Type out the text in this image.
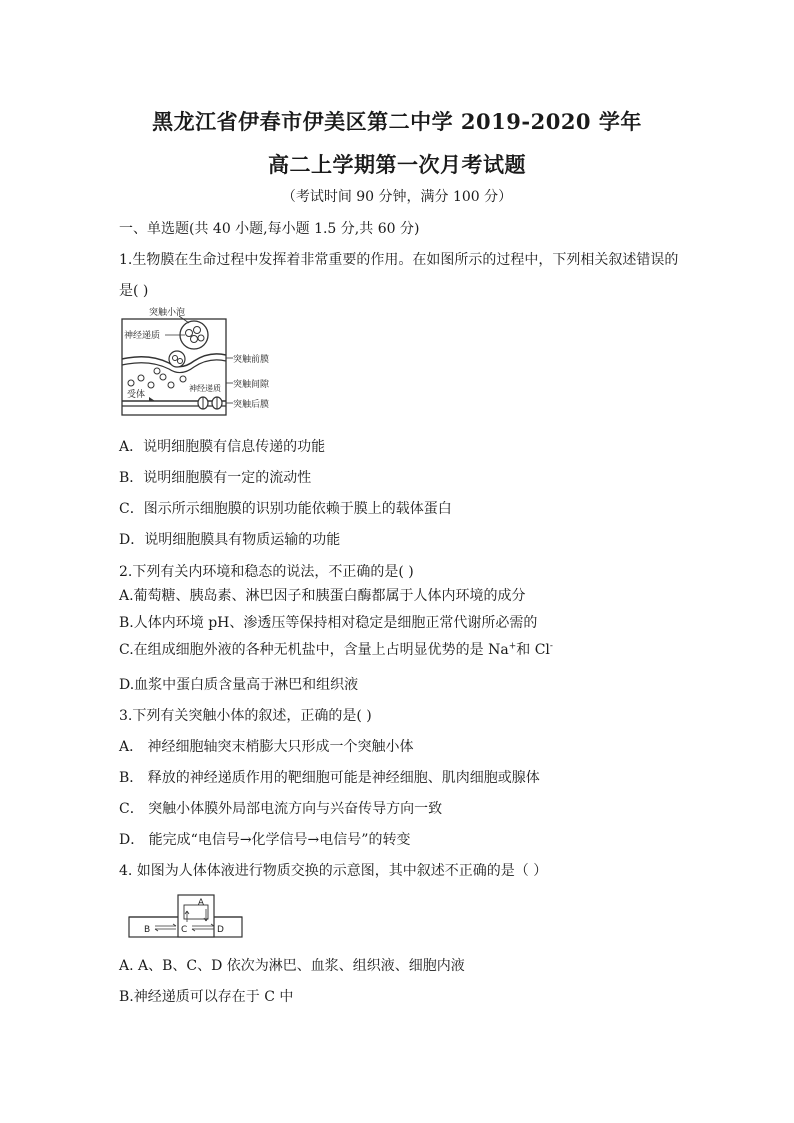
黑龙江省伊春市伊美区第二中学 2019-2020 学年
高二上学期第一次月考试题
（考试时间 90 分钟，满分 100 分）
一、单选题(共 40 小题,每小题 1.5 分,共 60 分)
1.生物膜在生命过程中发挥着非常重要的作用。在如图所示的过程中，下列相关叙述错误的
是( )
突触小泡
神经递质
神经递质
受体
突触前膜
突触间隙
突触后膜
A．说明细胞膜有信息传递的功能
B．说明细胞膜有一定的流动性
C．图示所示细胞膜的识别功能依赖于膜上的载体蛋白
D．说明细胞膜具有物质运输的功能
2.下列有关内环境和稳态的说法，不正确的是( )
A.葡萄糖、胰岛素、淋巴因子和胰蛋白酶都属于人体内环境的成分
B.人体内环境 pH、渗透压等保持相对稳定是细胞正常代谢所必需的
C.在组成细胞外液的各种无机盐中，含量上占明显优势的是 Na+和 Cl-
D.血浆中蛋白质含量高于淋巴和组织液
3.下列有关突触小体的叙述，正确的是( )
A． 神经细胞轴突末梢膨大只形成一个突触小体
B． 释放的神经递质作用的靶细胞可能是神经细胞、肌肉细胞或腺体
C． 突触小体膜外局部电流方向与兴奋传导方向一致
D． 能完成“电信号→化学信号→电信号”的转变
4. 如图为人体体液进行物质交换的示意图，其中叙述不正确的是（ ）
A
B	C	D
A. A、B、C、D 依次为淋巴、血浆、组织液、细胞内液
B.神经递质可以存在于 C 中
